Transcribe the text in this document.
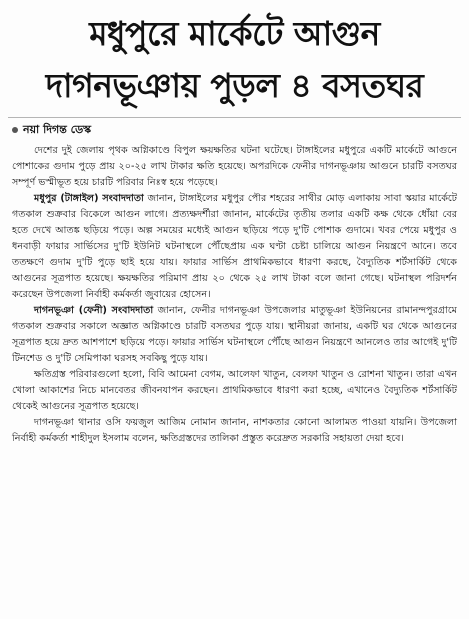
মধুপুরে মার্কেটে আগুন
দাগনভূঞায় পুড়ল ৪ বসতঘর
নয়া দিগন্ত ডেস্ক

দেশের দুই জেলায় পৃথক অগ্নিকাণ্ডে বিপুল ক্ষয়ক্ষতির ঘটনা ঘটেছে। টাঙ্গাইলের মধুপুরে একটি মার্কেটে আগুনে পোশাকের গুদাম পুড়ে প্রায় ২০-২৫ লাখ টাকার ক্ষতি হয়েছে। অপরদিকে ফেনীর দাগনভূঞায় আগুনে চারটি বসতঘর সম্পূর্ণ ভস্মীভূত হয়ে চারটি পরিবার নিঃস্ব হয়ে পড়েছে।

মধুপুর (টাঙ্গাইল) সংবাদদাতা জানান, টাঙ্গাইলের মধুপুর পৌর শহরের সাথীর মোড় এলাকায় সাবা স্কয়ার মার্কেটে গতকাল শুক্রবার বিকেলে আগুন লাগে। প্রত্যক্ষদর্শীরা জানান, মার্কেটের তৃতীয় তলার একটি কক্ষ থেকে ধোঁয়া বের হতে দেখে আতঙ্ক ছড়িয়ে পড়ে। অল্প সময়ের মধ্যেই আগুন ছড়িয়ে পড়ে দু'টি পোশাক গুদামে। খবর পেয়ে মধুপুর ও ধনবাড়ী ফায়ার সার্ভিসের দু'টি ইউনিট ঘটনাস্থলে পৌঁছেপ্রায় এক ঘণ্টা চেষ্টা চালিয়ে আগুন নিয়ন্ত্রণে আনে। তবে ততক্ষণে গুদাম দু'টি পুড়ে ছাই হয়ে যায়। ফায়ার সার্ভিস প্রাথমিকভাবে ধারণা করছে, বৈদ্যুতিক শর্টসার্কিট থেকে আগুনের সূত্রপাত হয়েছে। ক্ষয়ক্ষতির পরিমাণ প্রায় ২০ থেকে ২৫ লাখ টাকা বলে জানা গেছে। ঘটনাস্থল পরিদর্শন করেছেন উপজেলা নির্বাহী কর্মকর্তা জুবায়ের হোসেন।

দাগনভূঞা (ফেনী) সংবাদদাতা জানান, ফেনীর দাগনভূঞা উপজেলার মাতুভূঞা ইউনিয়নের রামানন্দপুরগ্রামে গতকাল শুক্রবার সকালে অজ্ঞাত অগ্নিকাণ্ডে চারটি বসতঘর পুড়ে যায়। স্থানীয়রা জানায়, একটি ঘর থেকে আগুনের সূত্রপাত হয়ে দ্রুত আশপাশে ছড়িয়ে পড়ে। ফায়ার সার্ভিস ঘটনাস্থলে পৌঁছে আগুন নিয়ন্ত্রণে আনলেও তার আগেই দু'টি টিনশেড ও দু'টি সেমিপাকা ঘরসহ সবকিছু পুড়ে যায়।

ক্ষতিগ্রস্ত পরিবারগুলো হলো, বিবি আমেনা বেগম, আলেফা খাতুন, বেলফা খাতুন ও রোশনা খাতুন। তারা এখন খোলা আকাশের নিচে মানবেতর জীবনযাপন করছেন। প্রাথমিকভাবে ধারণা করা হচ্ছে, এখানেও বৈদ্যুতিক শর্টসার্কিট থেকেই আগুনের সূত্রপাত হয়েছে।

দাগনভূঞা থানার ওসি ফয়জুল আজিম নোমান জানান, নাশকতার কোনো আলামত পাওয়া যায়নি। উপজেলা নির্বাহী কর্মকর্তা শাহীদুল ইসলাম বলেন, ক্ষতিগ্রস্তদের তালিকা প্রস্তুত করেদ্রুত সরকারি সহায়তা দেয়া হবে।
